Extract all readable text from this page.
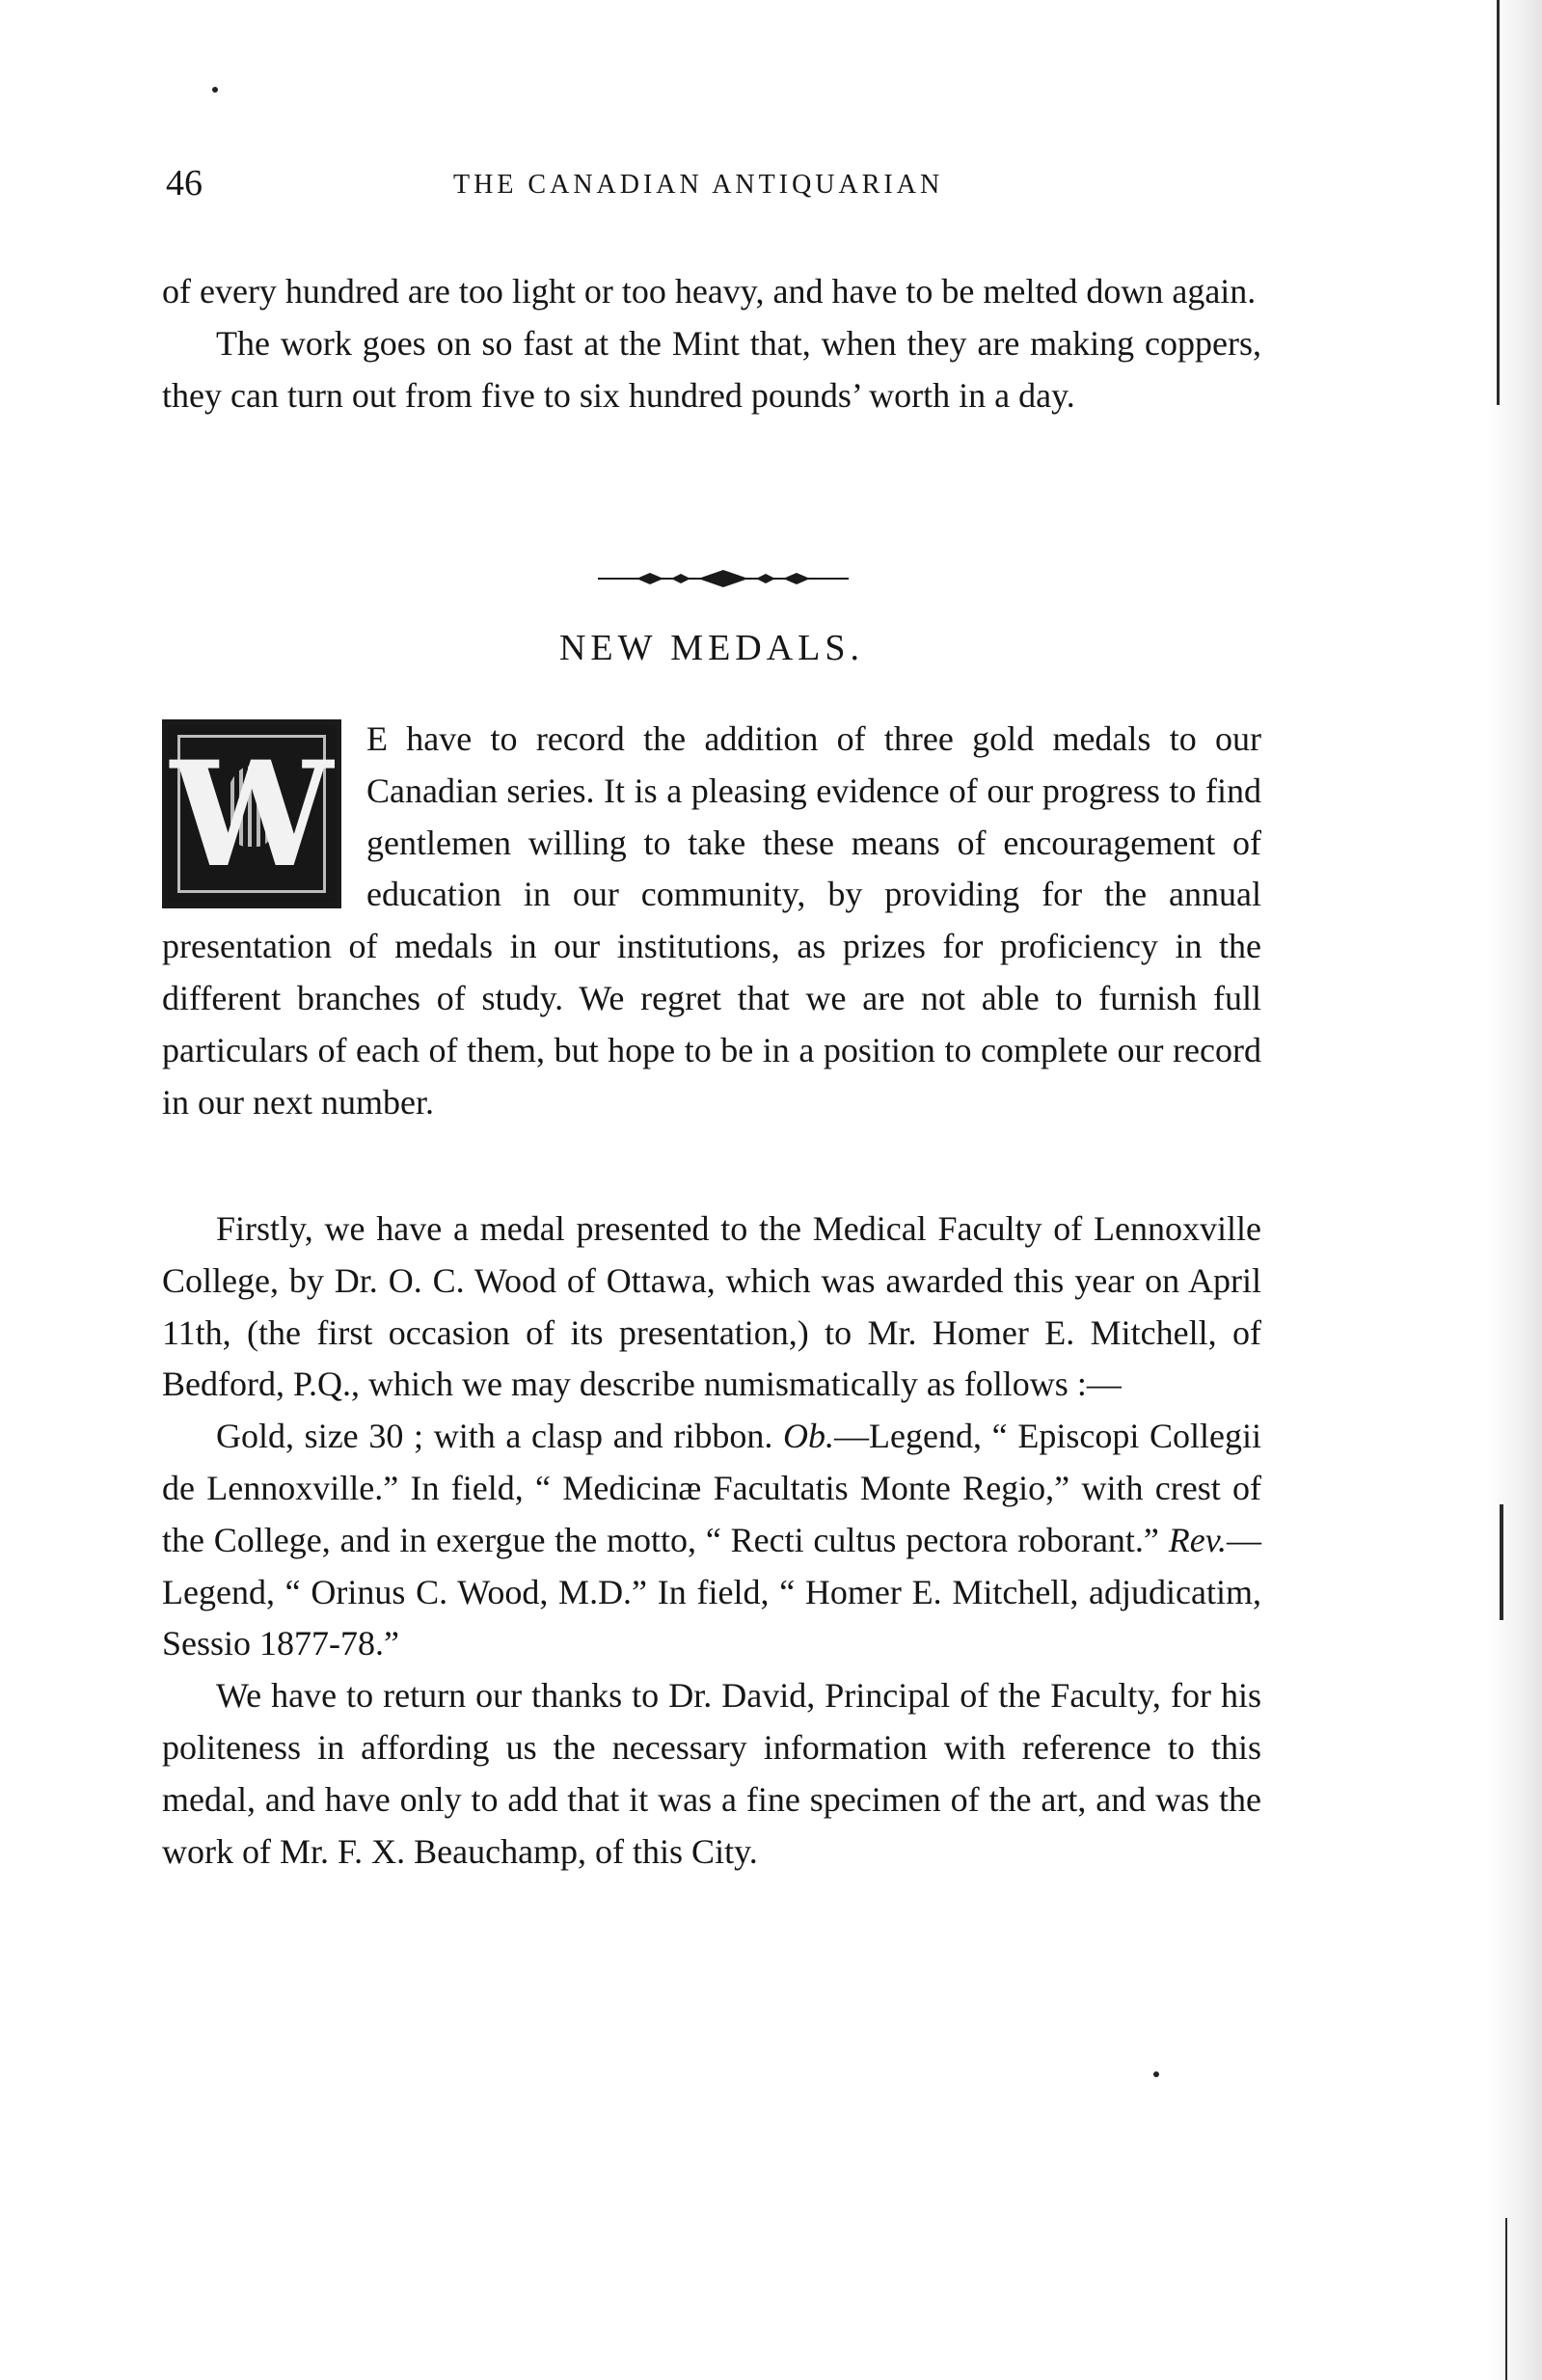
46	THE CANADIAN ANTIQUARIAN

of every hundred are too light or too heavy, and have to be melted down again.

The work goes on so fast at the Mint that, when they are making coppers, they can turn out from five to six hundred pounds’ worth in a day.

NEW MEDALS.
W E have to record the addition of three gold medals to our Canadian series. It is a pleasing evidence of our progress to find gentlemen willing to take these means of encouragement of education in our community, by providing for the annual presentation of medals in our institutions, as prizes for proficiency in the different branches of study. We regret that we are not able to furnish full particulars of each of them, but hope to be in a position to complete our record in our next number.

Firstly, we have a medal presented to the Medical Faculty of Lennoxville College, by Dr. O. C. Wood of Ottawa, which was awarded this year on April 11th, (the first occasion of its presentation,) to Mr. Homer E. Mitchell, of Bedford, P.Q., which we may describe numismatically as follows :—

Gold, size 30 ; with a clasp and ribbon. Ob.—Legend, “ Episcopi Collegii de Lennoxville.” In field, “ Medicinæ Facultatis Monte Regio,” with crest of the College, and in exergue the motto, “ Recti cultus pectora roborant.” Rev.—Legend, “ Orinus C. Wood, M.D.” In field, “ Homer E. Mitchell, adjudicatim, Sessio 1877-78.”

We have to return our thanks to Dr. David, Principal of the Faculty, for his politeness in affording us the necessary information with reference to this medal, and have only to add that it was a fine specimen of the art, and was the work of Mr. F. X. Beauchamp, of this City.
